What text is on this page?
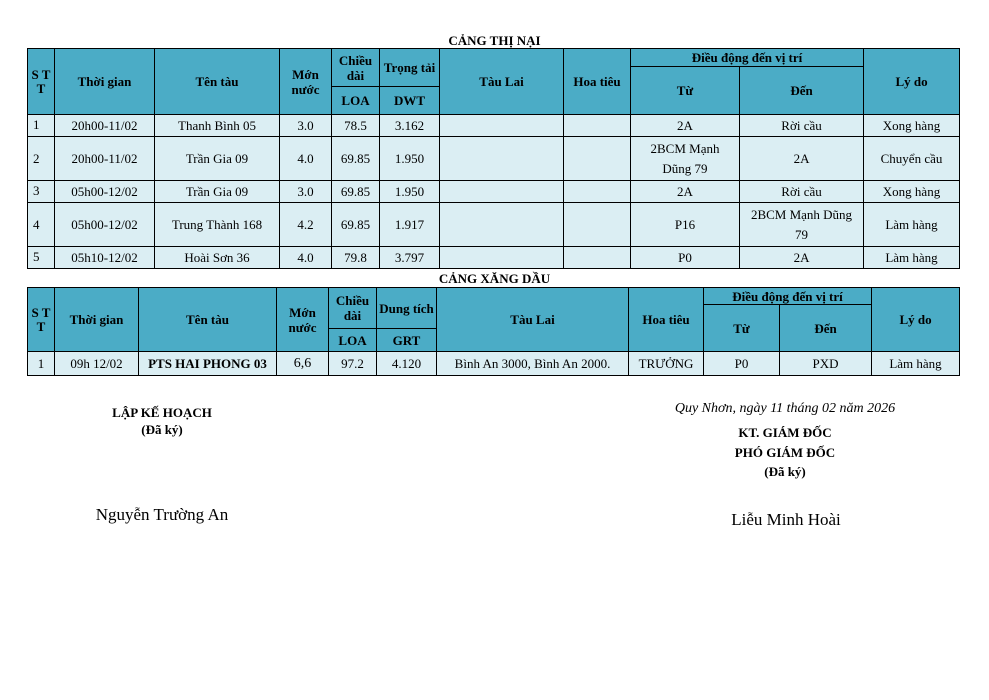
CẢNG THỊ NẠI
S T T	Thời gian	Tên tàu	Mớn nước	Chiều dài	Trọng tải	Tàu Lai	Hoa tiêu	Điều động đến vị trí		Lý do
								Từ	Đến	
				LOA	DWT					
1	20h00-11/02	Thanh Bình 05	3.0	78.5	3.162			2A	Rời cầu	Xong hàng
2	20h00-11/02	Trần Gia 09	4.0	69.85	1.950			2BCM Mạnh Dũng 79	2A	Chuyển cầu
3	05h00-12/02	Trần Gia 09	3.0	69.85	1.950			2A	Rời cầu	Xong hàng
4	05h00-12/02	Trung Thành 168	4.2	69.85	1.917			P16	2BCM Mạnh Dũng 79	Làm hàng
5	05h10-12/02	Hoài Sơn 36	4.0	79.8	3.797			P0	2A	Làm hàng
CẢNG XĂNG DẦU
S T T	Thời gian	Tên tàu	Mớn nước	Chiều dài	Dung tích	Tàu Lai	Hoa tiêu	Điều động đến vị trí		Lý do
								Từ	Đến	
				LOA	GRT					
1	09h 12/02	PTS HAI PHONG 03	6,6	97.2	4.120	Bình An 3000, Bình An 2000.	TRƯỞNG	P0	PXD	Làm hàng
LẬP KẾ HOẠCH
(Đã ký)
Nguyễn Trường An
Quy Nhơn, ngày 11 tháng 02 năm 2026
KT. GIÁM ĐỐC
PHÓ GIÁM ĐỐC
(Đã ký)
Liễu Minh Hoài
